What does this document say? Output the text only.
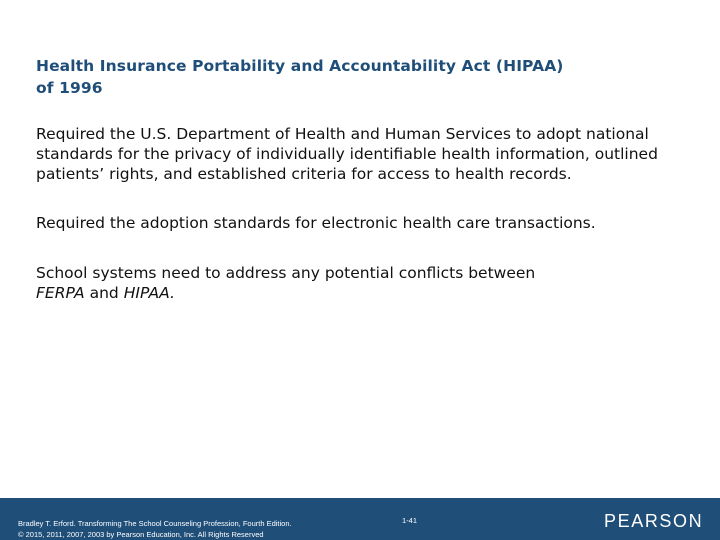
Health Insurance Portability and Accountability Act (HIPAA)
of 1996

Required the U.S. Department of Health and Human Services to adopt national standards for the privacy of individually identifiable health information, outlined patients’ rights, and established criteria for access to health records.

Required the adoption standards for electronic health care transactions.

School systems need to address any potential conflicts between
FERPA and HIPAA.

Bradley T. Erford. Transforming The School Counseling Profession, Fourth Edition.
© 2015, 2011, 2007, 2003 by Pearson Education, Inc. All Rights Reserved
1-41	PEARSON
